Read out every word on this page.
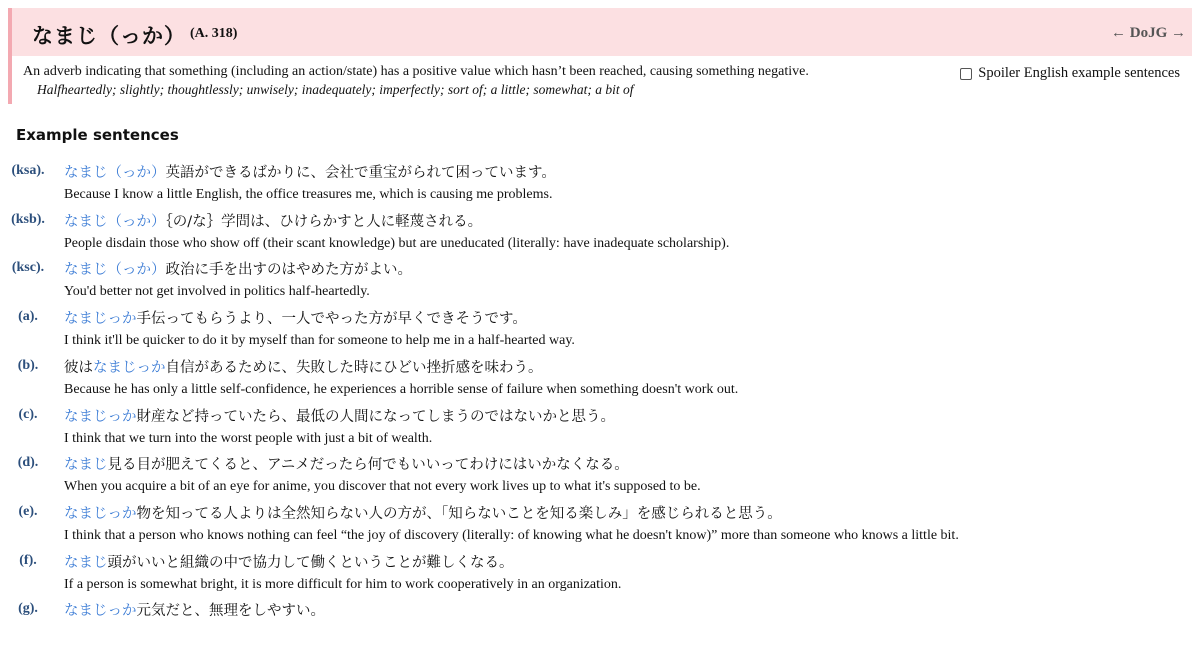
なまじ（っか） (A. 318)	← DoJG →
An adverb indicating that something (including an action/state) has a positive value which hasn’t been reached, causing something negative.
Halfheartedly; slightly; thoughtlessly; unwisely; inadequately; imperfectly; sort of; a little; somewhat; a bit of
Spoiler English example sentences
Example sentences
(ksa).	なまじ（っか）英語ができるばかりに、会社で重宝がられて困っています。
Because I know a little English, the office treasures me, which is causing me problems.
(ksb).	なまじ（っか）｛の/な｝学問は、ひけらかすと人に軽蔑される。
People disdain those who show off (their scant knowledge) but are uneducated (literally: have inadequate scholarship).
(ksc).	なまじ（っか）政治に手を出すのはやめた方がよい。
You'd better not get involved in politics half-heartedly.
(a).	なまじっか手伝ってもらうより、一人でやった方が早くできそうです。
I think it'll be quicker to do it by myself than for someone to help me in a half-hearted way.
(b).	彼はなまじっか自信があるために、失敗した時にひどい挫折感を味わう。
Because he has only a little self-confidence, he experiences a horrible sense of failure when something doesn't work out.
(c).	なまじっか財産など持っていたら、最低の人間になってしまうのではないかと思う。
I think that we turn into the worst people with just a bit of wealth.
(d).	なまじ見る目が肥えてくると、アニメだったら何でもいいってわけにはいかなくなる。
When you acquire a bit of an eye for anime, you discover that not every work lives up to what it's supposed to be.
(e).	なまじっか物を知ってる人よりは全然知らない人の方が、「知らないことを知る楽しみ」を感じられると思う。
I think that a person who knows nothing can feel “the joy of discovery (literally: of knowing what he doesn't know)” more than someone who knows a little bit.
(f).	なまじ頭がいいと組織の中で協力して働くということが難しくなる。
If a person is somewhat bright, it is more difficult for him to work cooperatively in an organization.
(g).	なまじっか元気だと、無理をしやすい。
